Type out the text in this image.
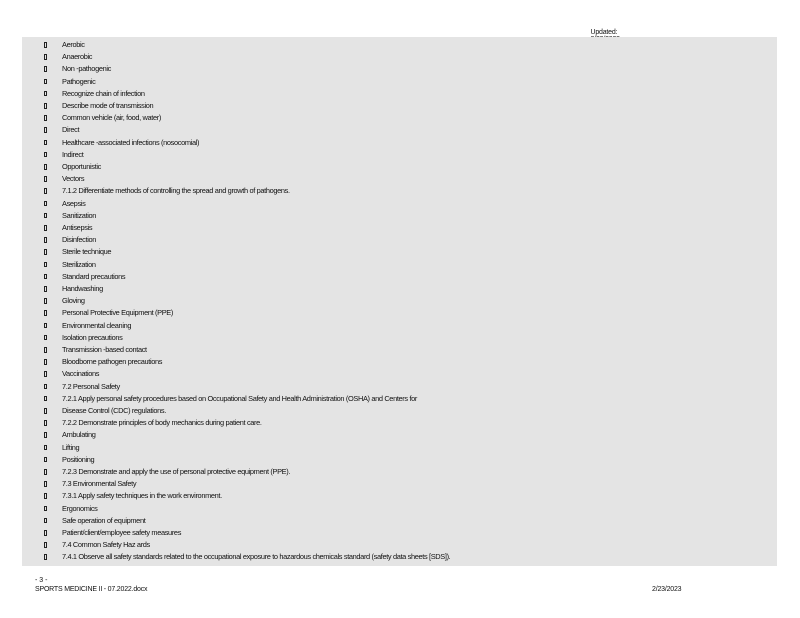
Updated:

Aerobic
Anaerobic
Non -pathogenic
Pathogenic
Recognize chain of infection
Describe mode of transmission
Common vehicle (air, food, water)
Direct
Healthcare -associated infections (nosocomial)
Indirect
Opportunistic
Vectors
7.1.2 Differentiate methods of controlling the spread and growth of pathogens.
Asepsis
Sanitization
Antisepsis
Disinfection
Sterile technique
Sterilization
Standard precautions
Handwashing
Gloving
Personal Protective Equipment (PPE)
Environmental cleaning
Isolation precautions
Transmission -based contact
Bloodborne pathogen precautions
Vaccinations
7.2 Personal Safety
7.2.1 Apply personal safety procedures based on Occupational Safety and Health Administration (OSHA) and Centers for
Disease Control (CDC) regulations.
7.2.2 Demonstrate principles of body mechanics during patient care.
Ambulating
Lifting
Positioning
7.2.3 Demonstrate and apply the use of personal protective equipment (PPE).
7.3 Environmental Safety
7.3.1 Apply safety techniques in the work environment.
Ergonomics
Safe operation of equipment
Patient/client/employee safety measures
7.4 Common Safety Haz ards
7.4.1 Observe all safety standards related to the occupational exposure to hazardous chemicals standard (safety data sheets [SDS]).
- 3 -
SPORTS MEDICINE II - 07.2022.docx	2/23/2023
